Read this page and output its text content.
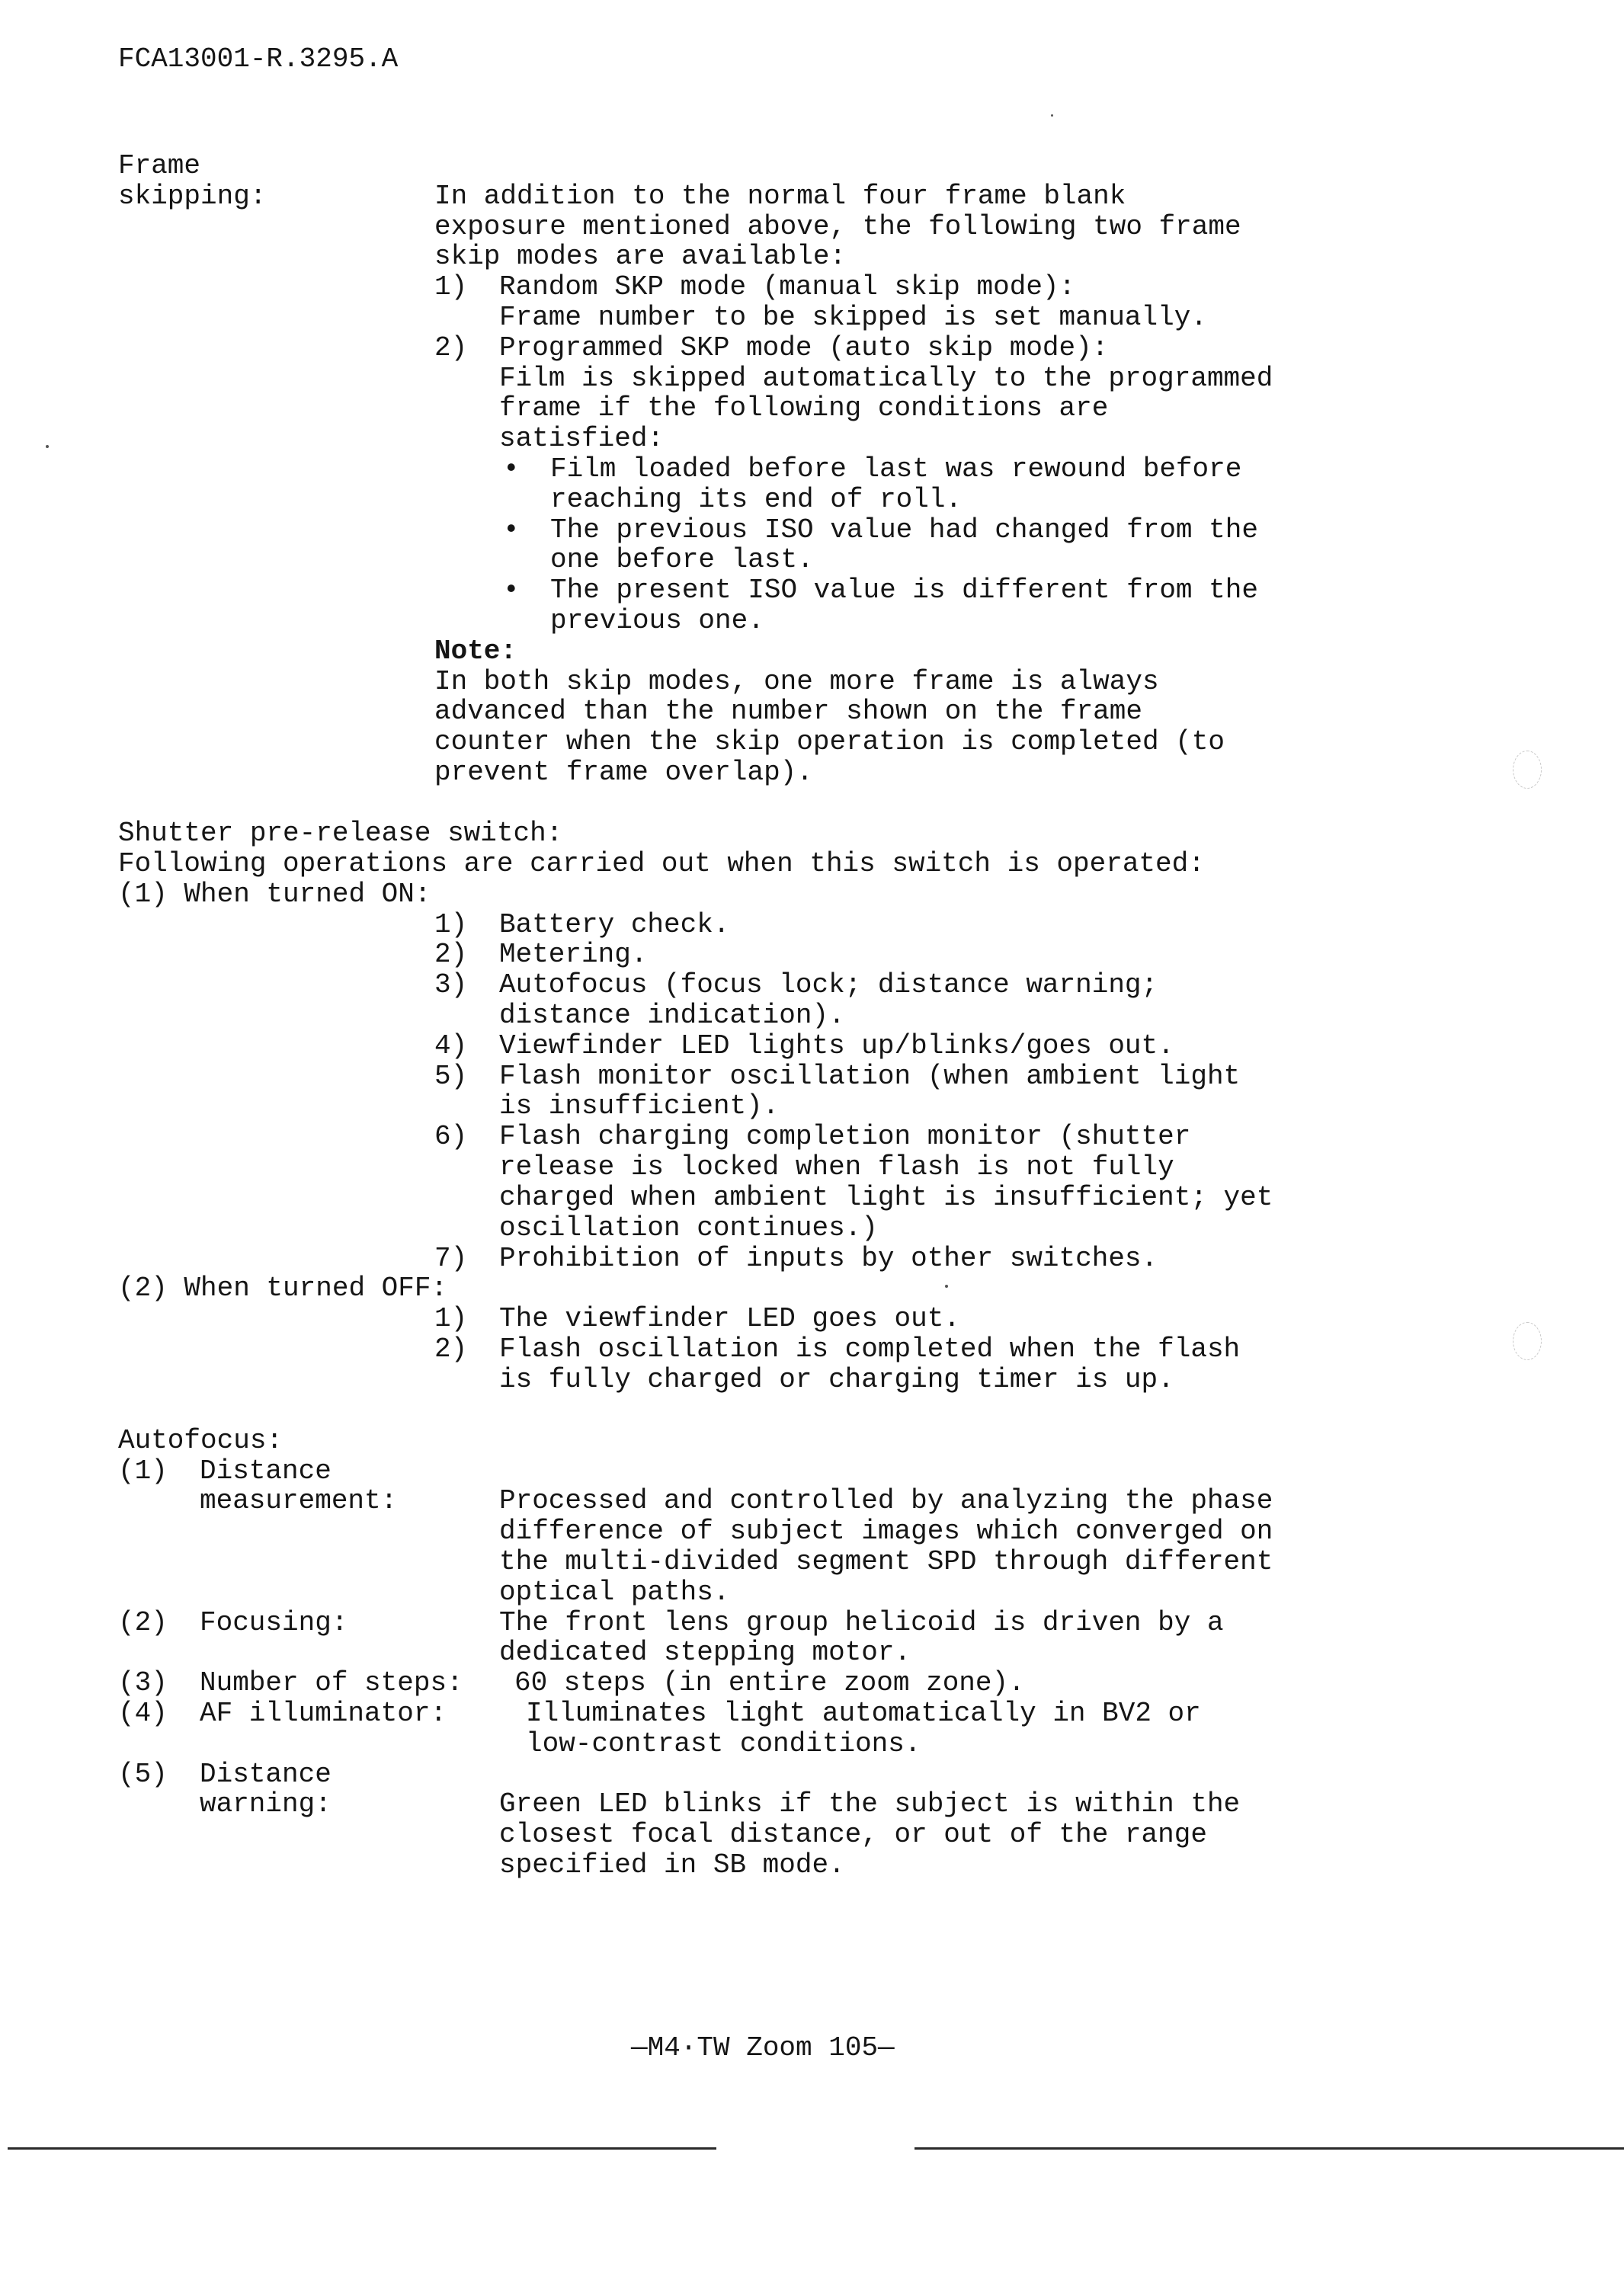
FCA13001-R.3295.A
Frame
skipping:	In addition to the normal four frame blank
exposure mentioned above, the following two frame
skip modes are available:
1) Random SKP mode (manual skip mode):
Frame number to be skipped is set manually.
2) Programmed SKP mode (auto skip mode):
Film is skipped automatically to the programmed
frame if the following conditions are
satisfied:
• Film loaded before last was rewound before
reaching its end of roll.
• The previous ISO value had changed from the
one before last.
• The present ISO value is different from the
previous one.
Note:
In both skip modes, one more frame is always
advanced than the number shown on the frame
counter when the skip operation is completed (to
prevent frame overlap).
Shutter pre-release switch:
Following operations are carried out when this switch is operated:
(1) When turned ON:
1) Battery check.
2) Metering.
3) Autofocus (focus lock; distance warning;
distance indication).
4) Viewfinder LED lights up/blinks/goes out.
5) Flash monitor oscillation (when ambient light
is insufficient).
6) Flash charging completion monitor (shutter
release is locked when flash is not fully
charged when ambient light is insufficient; yet
oscillation continues.)
7) Prohibition of inputs by other switches.
(2) When turned OFF:
1) The viewfinder LED goes out.
2) Flash oscillation is completed when the flash
is fully charged or charging timer is up.
Autofocus:
(1) Distance
measurement:	Processed and controlled by analyzing the phase
difference of subject images which converged on
the multi-divided segment SPD through different
optical paths.
(2) Focusing:	The front lens group helicoid is driven by a
dedicated stepping motor.
(3) Number of steps: 60 steps (in entire zoom zone).
(4) AF illuminator:	Illuminates light automatically in BV2 or
low-contrast conditions.
(5) Distance
warning:	Green LED blinks if the subject is within the
closest focal distance, or out of the range
specified in SB mode.
—M4·TW Zoom 105—
